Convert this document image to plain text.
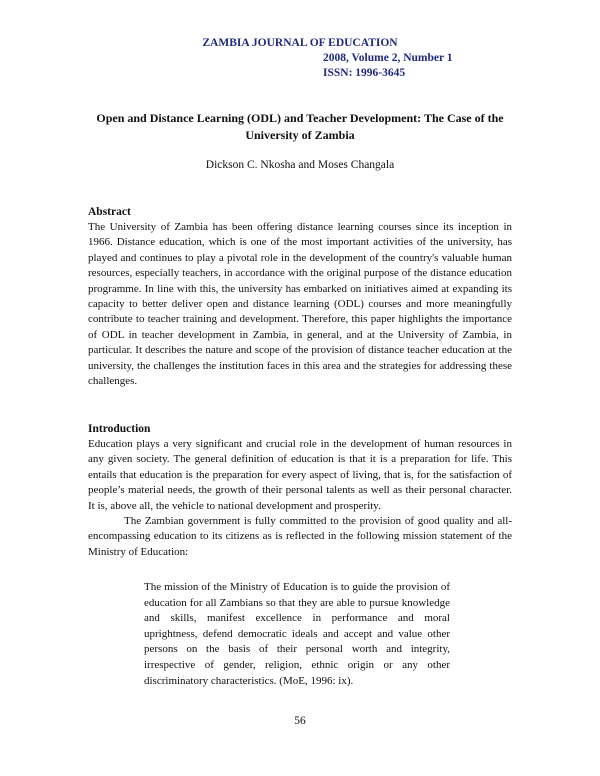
ZAMBIA JOURNAL OF EDUCATION
2008, Volume 2, Number 1
ISSN: 1996-3645
Open and Distance Learning (ODL) and Teacher Development: The Case of the University of Zambia
Dickson C. Nkosha and Moses Changala
Abstract

The University of Zambia has been offering distance learning courses since its inception in 1966. Distance education, which is one of the most important activities of the university, has played and continues to play a pivotal role in the development of the country's valuable human resources, especially teachers, in accordance with the original purpose of the distance education programme. In line with this, the university has embarked on initiatives aimed at expanding its capacity to better deliver open and distance learning (ODL) courses and more meaningfully contribute to teacher training and development. Therefore, this paper highlights the importance of ODL in teacher development in Zambia, in general, and at the University of Zambia, in particular. It describes the nature and scope of the provision of distance teacher education at the university, the challenges the institution faces in this area and the strategies for addressing these challenges.

Introduction

Education plays a very significant and crucial role in the development of human resources in any given society. The general definition of education is that it is a preparation for life. This entails that education is the preparation for every aspect of living, that is, for the satisfaction of people’s material needs, the growth of their personal talents as well as their personal character. It is, above all, the vehicle to national development and prosperity.

The Zambian government is fully committed to the provision of good quality and all-encompassing education to its citizens as is reflected in the following mission statement of the Ministry of Education:

The mission of the Ministry of Education is to guide the provision of education for all Zambians so that they are able to pursue knowledge and skills, manifest excellence in performance and moral uprightness, defend democratic ideals and accept and value other persons on the basis of their personal worth and integrity, irrespective of gender, religion, ethnic origin or any other discriminatory characteristics. (MoE, 1996: ix).
56
